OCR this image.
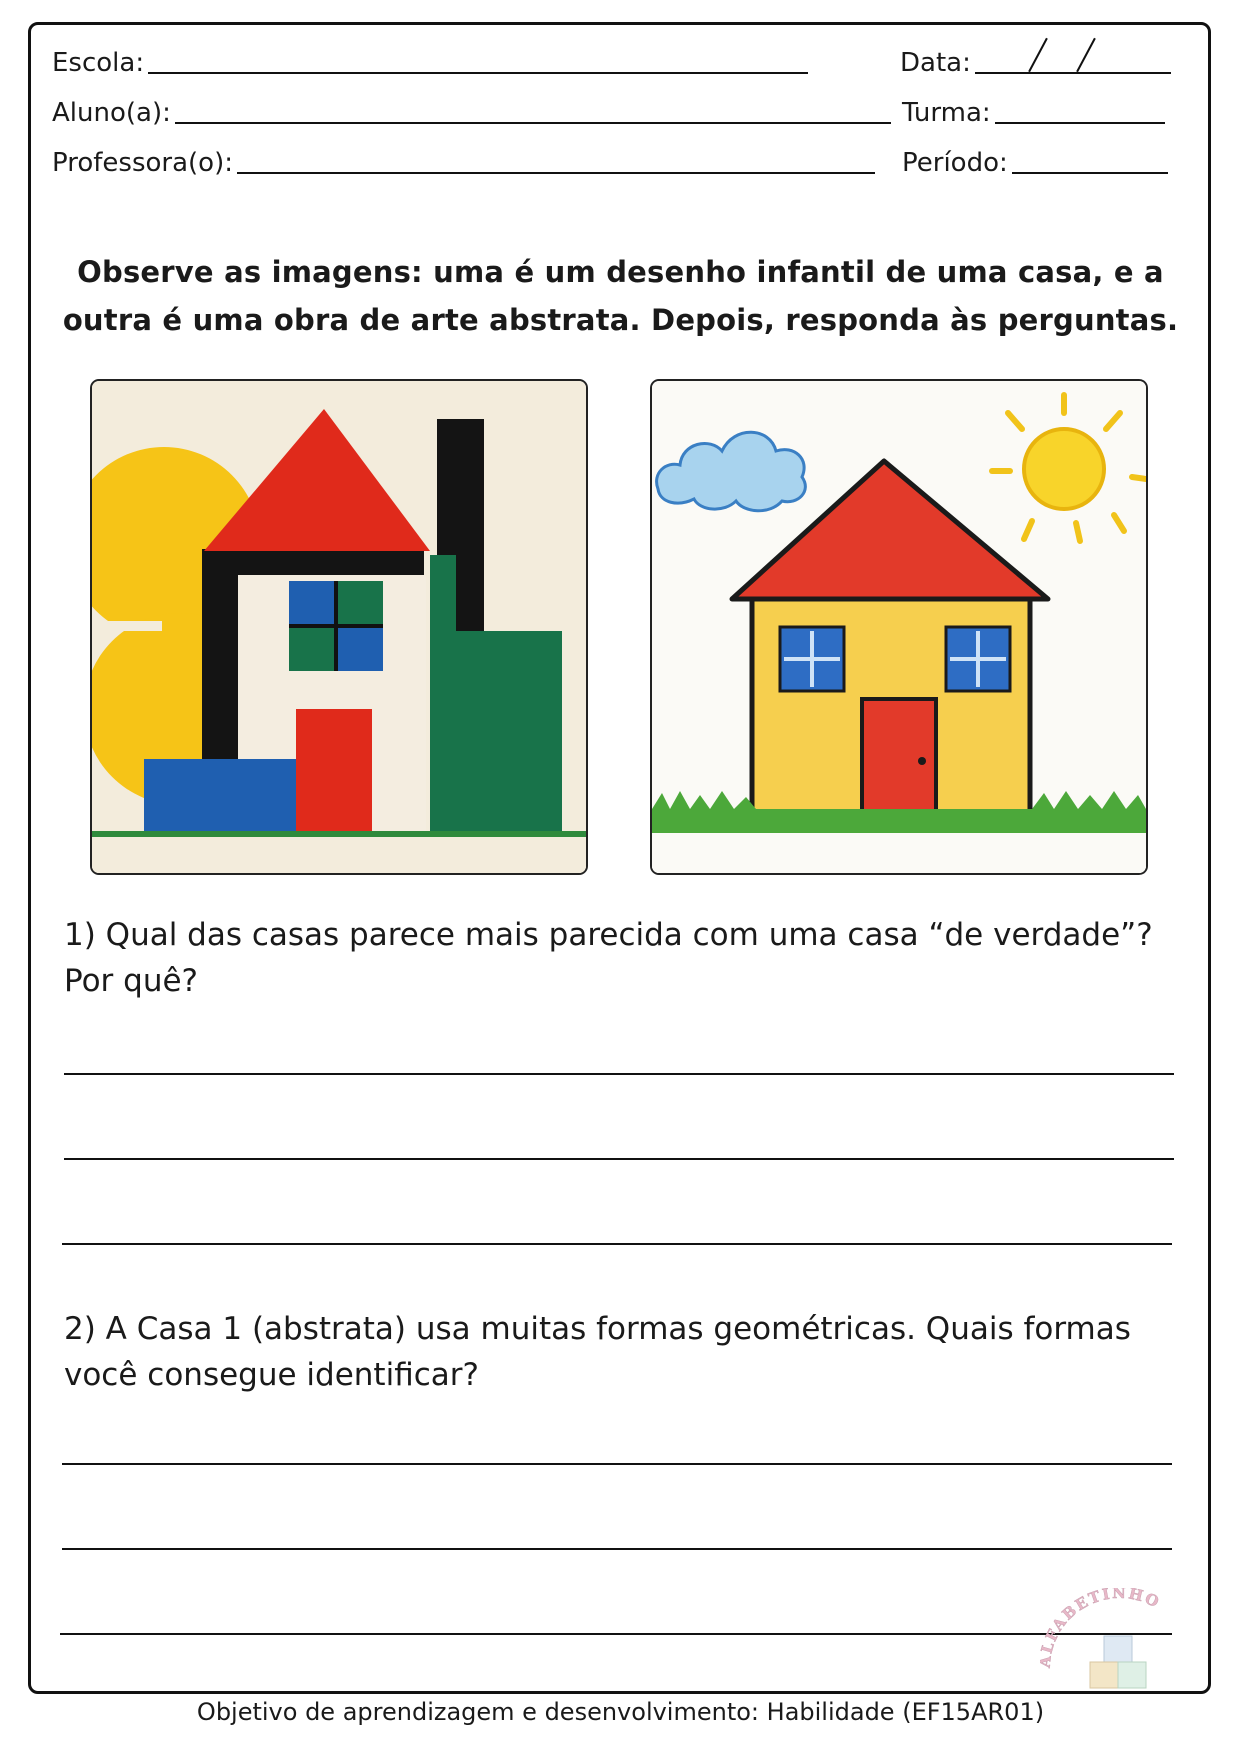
Escola:	Data:
Aluno(a):	Turma:
Professora(o):	Período:
Observe as imagens: uma é um desenho infantil de uma casa, e a
outra é uma obra de arte abstrata. Depois, responda às perguntas.
1) Qual das casas parece mais parecida com uma casa “de verdade”?
Por quê?
2) A Casa 1 (abstrata) usa muitas formas geométricas. Quais formas
você consegue identificar?
FABETINHO
Objetivo de aprendizagem e desenvolvimento: Habilidade (EF15AR01)
